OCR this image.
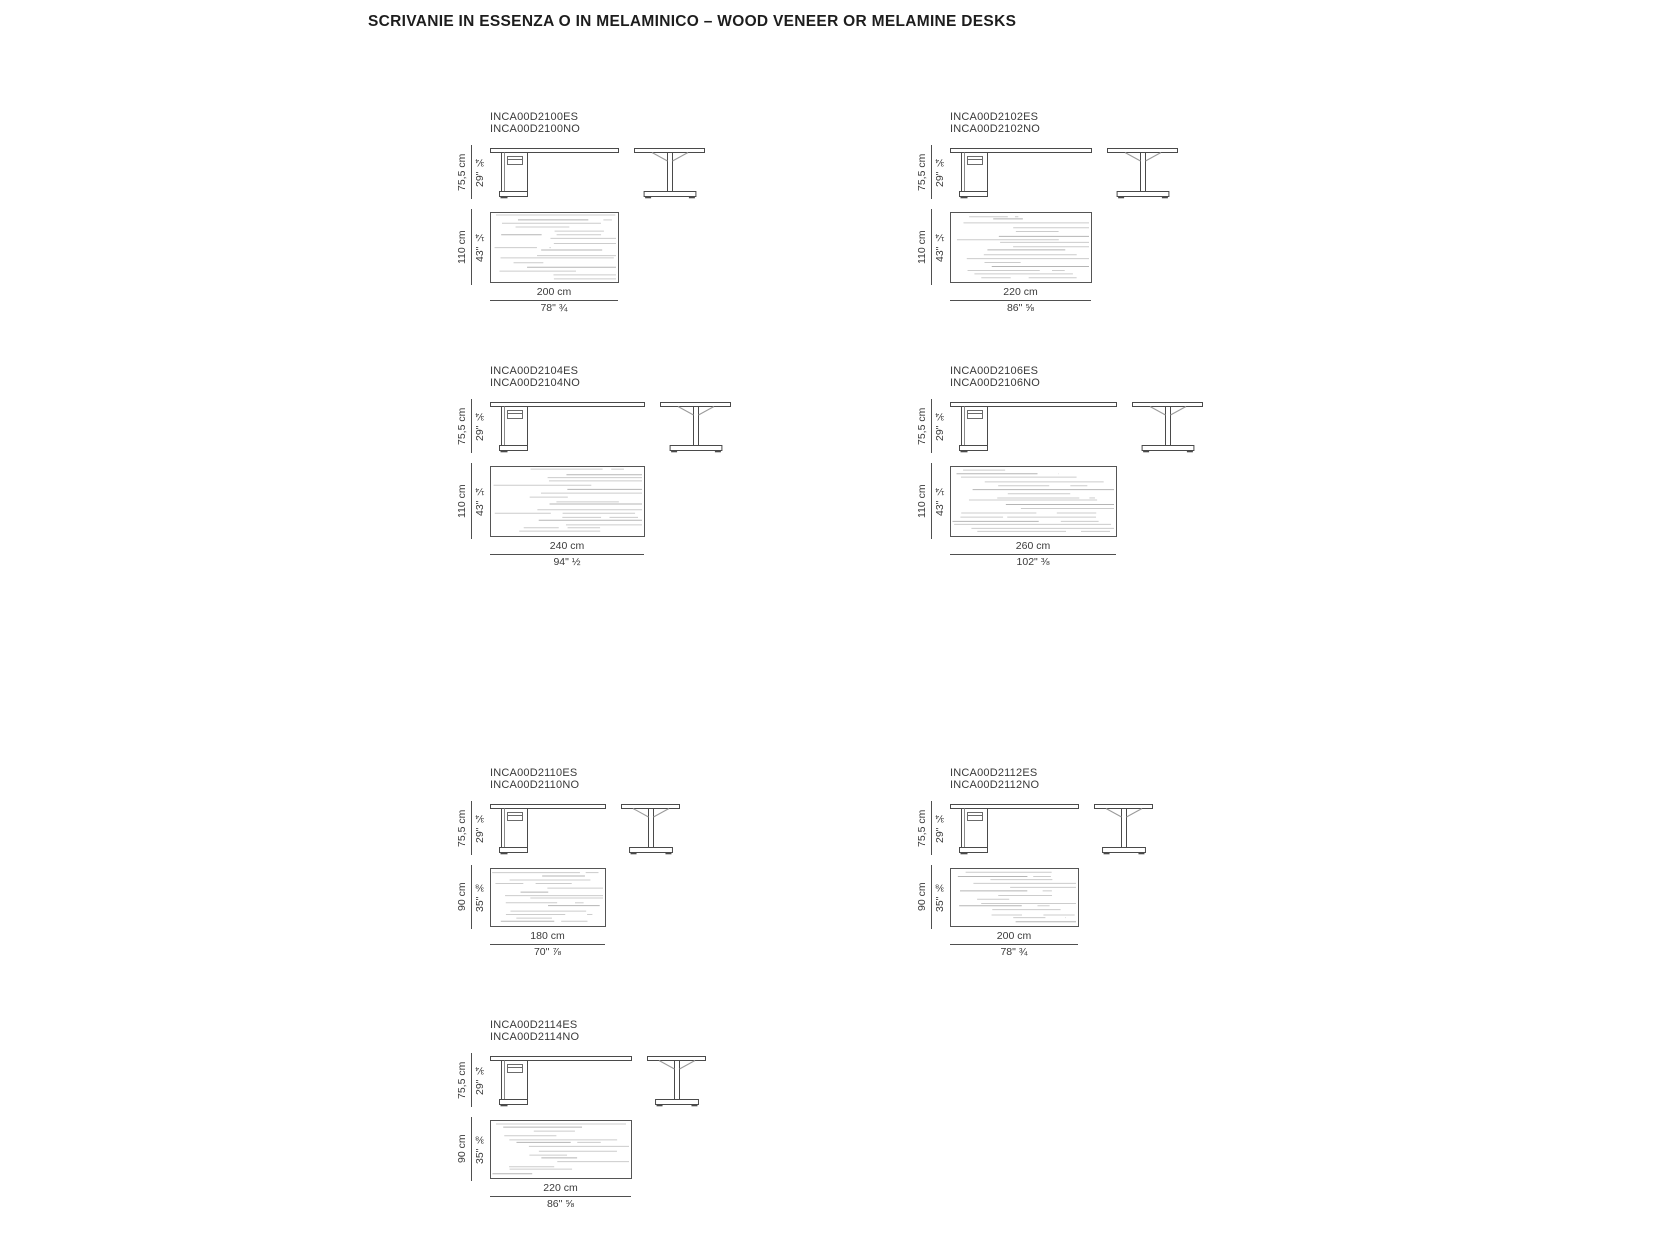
SCRIVANIE IN ESSENZA O IN MELAMINICO – WOOD VENEER OR MELAMINE DESKS
INCA00D2100ES
INCA00D2100NO
75,5 cm 29" ¾
110 cm 43" ¼
200 cm
78" ¾
INCA00D2102ES
INCA00D2102NO
75,5 cm 29" ¾
110 cm 43" ¼
220 cm
86" ⅝
INCA00D2104ES
INCA00D2104NO
75,5 cm 29" ¾
110 cm 43" ¼
240 cm
94" ½
INCA00D2106ES
INCA00D2106NO
75,5 cm 29" ¾
110 cm 43" ¼
260 cm
102" ⅜
INCA00D2110ES
INCA00D2110NO
75,5 cm 29" ¾
90 cm 35" ⅜
180 cm
70" ⅞
INCA00D2112ES
INCA00D2112NO
75,5 cm 29" ¾
90 cm 35" ⅜
200 cm
78" ¾
INCA00D2114ES
INCA00D2114NO
75,5 cm 29" ¾
90 cm 35" ⅜
220 cm
86" ⅝
